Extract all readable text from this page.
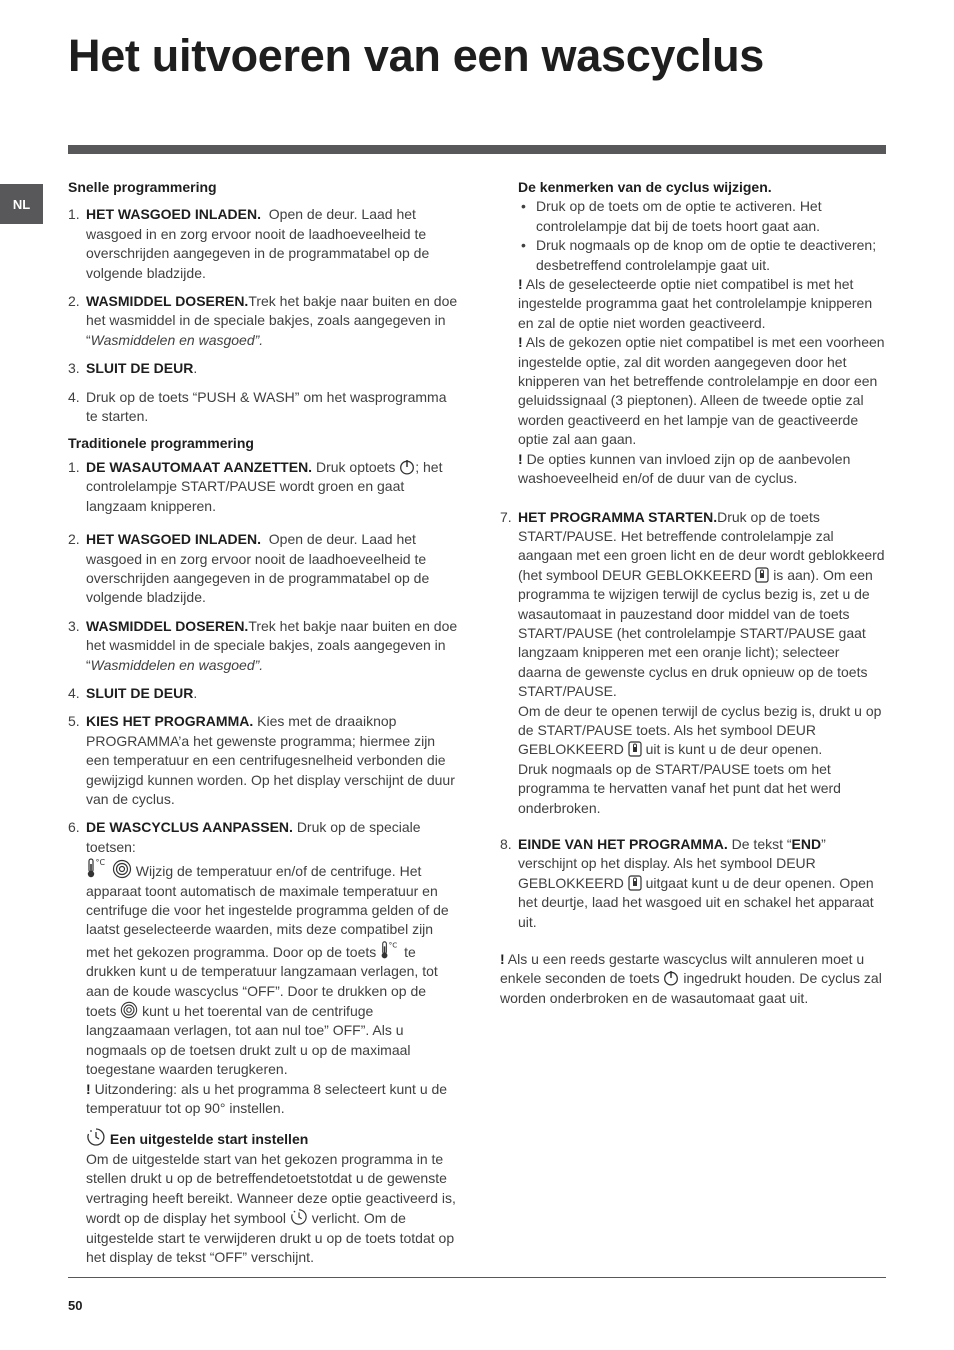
Het uitvoeren van een wascyclus
NL
Snelle programmering
1. HET WASGOED INLADEN. Open de deur. Laad het wasgoed in en zorg ervoor nooit de laadhoeveelheid te overschrijden aangegeven in de programmatabel op de volgende bladzijde.
2. WASMIDDEL DOSEREN.Trek het bakje naar buiten en doe het wasmiddel in de speciale bakjes, zoals aangegeven in “Wasmiddelen en wasgoed”.
3. SLUIT DE DEUR.
4. Druk op de toets “PUSH & WASH” om het wasprogramma te starten.
Traditionele programmering
1. DE WASAUTOMAAT AANZETTEN. Druk optoets ; het controlelampje START/PAUSE wordt groen en gaat langzaam knipperen.
2. HET WASGOED INLADEN. Open de deur. Laad het wasgoed in en zorg ervoor nooit de laadhoeveelheid te overschrijden aangegeven in de programmatabel op de volgende bladzijde.
3. WASMIDDEL DOSEREN.Trek het bakje naar buiten en doe het wasmiddel in de speciale bakjes, zoals aangegeven in “Wasmiddelen en wasgoed”.
4. SLUIT DE DEUR.
5. KIES HET PROGRAMMA. Kies met de draaiknop PROGRAMMA’a het gewenste programma; hiermee zijn een temperatuur en een centrifugesnelheid verbonden die gewijzigd kunnen worden. Op het display verschijnt de duur van de cyclus.
6. DE WASCYCLUS AANPASSEN. Druk op de speciale toetsen:

°C
Wijzig de temperatuur en/of de centrifuge. Het apparaat toont automatisch de maximale temperatuur en centrifuge die voor het ingestelde programma gelden of de laatst geselecteerde waarden, mits deze compatibel zijn met het gekozen programma. Door op de toets °C te drukken kunt u de temperatuur langzamaan verlagen, tot aan de koude wascyclus “OFF”. Door te drukken op de toets kunt u het toerental van de centrifuge langzaamaan verlagen, tot aan nul toe” OFF”. Als u nogmaals op de toetsen drukt zult u op de maximaal toegestane waarden terugkeren.
! Uitzondering: als u het programma 8 selecteert kunt u de temperatuur tot op 90° instellen.
Een uitgestelde start instellen
Om de uitgestelde start van het gekozen programma in te stellen drukt u op de betreffendetoetstotdat u de gewenste vertraging heeft bereikt. Wanneer deze optie geactiveerd is, wordt op de display het symbool verlicht. Om de uitgestelde start te verwijderen drukt u op de toets totdat op het display de tekst “OFF” verschijnt.
De kenmerken van de cyclus wijzigen.
• Druk op de toets om de optie te activeren. Het controlelampje dat bij de toets hoort gaat aan.
• Druk nogmaals op de knop om de optie te deactiveren; desbetreffend controlelampje gaat uit.
! Als de geselecteerde optie niet compatibel is met het ingestelde programma gaat het controlelampje knipperen en zal de optie niet worden geactiveerd.
! Als de gekozen optie niet compatibel is met een voorheen ingestelde optie, zal dit worden aangegeven door het knipperen van het betreffende controlelampje en door een geluidssignaal (3 pieptonen). Alleen de tweede optie zal worden geactiveerd en het lampje van de geactiveerde optie zal aan gaan.
! De opties kunnen van invloed zijn op de aanbevolen washoeveelheid en/of de duur van de cyclus.
7. HET PROGRAMMA STARTEN.Druk op de toets START/PAUSE. Het betreffende controlelampje zal aangaan met een groen licht en de deur wordt geblokkeerd (het symbool DEUR GEBLOKKEERD is aan). Om een programma te wijzigen terwijl de cyclus bezig is, zet u de wasautomaat in pauzestand door middel van de toets START/PAUSE (het controlelampje START/PAUSE gaat langzaam knipperen met een oranje licht); selecteer daarna de gewenste cyclus en druk opnieuw op de toets START/PAUSE.
Om de deur te openen terwijl de cyclus bezig is, drukt u op de START/PAUSE toets. Als het symbool DEUR GEBLOKKEERD uit is kunt u de deur openen.
Druk nogmaals op de START/PAUSE toets om het programma te hervatten vanaf het punt dat het werd onderbroken.
8. EINDE VAN HET PROGRAMMA. De tekst “END” verschijnt op het display. Als het symbool DEUR GEBLOKKEERD uitgaat kunt u de deur openen. Open het deurtje, laad het wasgoed uit en schakel het apparaat uit.
! Als u een reeds gestarte wascyclus wilt annuleren moet u enkele seconden de toets ingedrukt houden. De cyclus zal worden onderbroken en de wasautomaat gaat uit.
50
